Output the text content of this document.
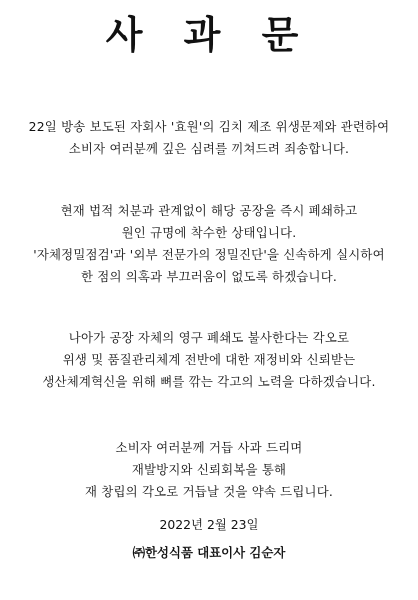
사 과 문

22일 방송 보도된 자회사 '효원'의 김치 제조 위생문제와 관련하여
소비자 여러분께 깊은 심려를 끼쳐드려 죄송합니다.

현재 법적 처분과 관계없이 해당 공장을 즉시 폐쇄하고
원인 규명에 착수한 상태입니다.
'자체정밀점검'과 '외부 전문가의 정밀진단'을 신속하게 실시하여
한 점의 의혹과 부끄러움이 없도록 하겠습니다.

나아가 공장 자체의 영구 폐쇄도 불사한다는 각오로
위생 및 품질관리체계 전반에 대한 재정비와 신뢰받는
생산체계혁신을 위해 뼈를 깎는 각고의 노력을 다하겠습니다.

소비자 여러분께 거듭 사과 드리며
재발방지와 신뢰회복을 통해
재 창립의 각오로 거듭날 것을 약속 드립니다.

2022년 2월 23일

㈜한성식품 대표이사 김순자
